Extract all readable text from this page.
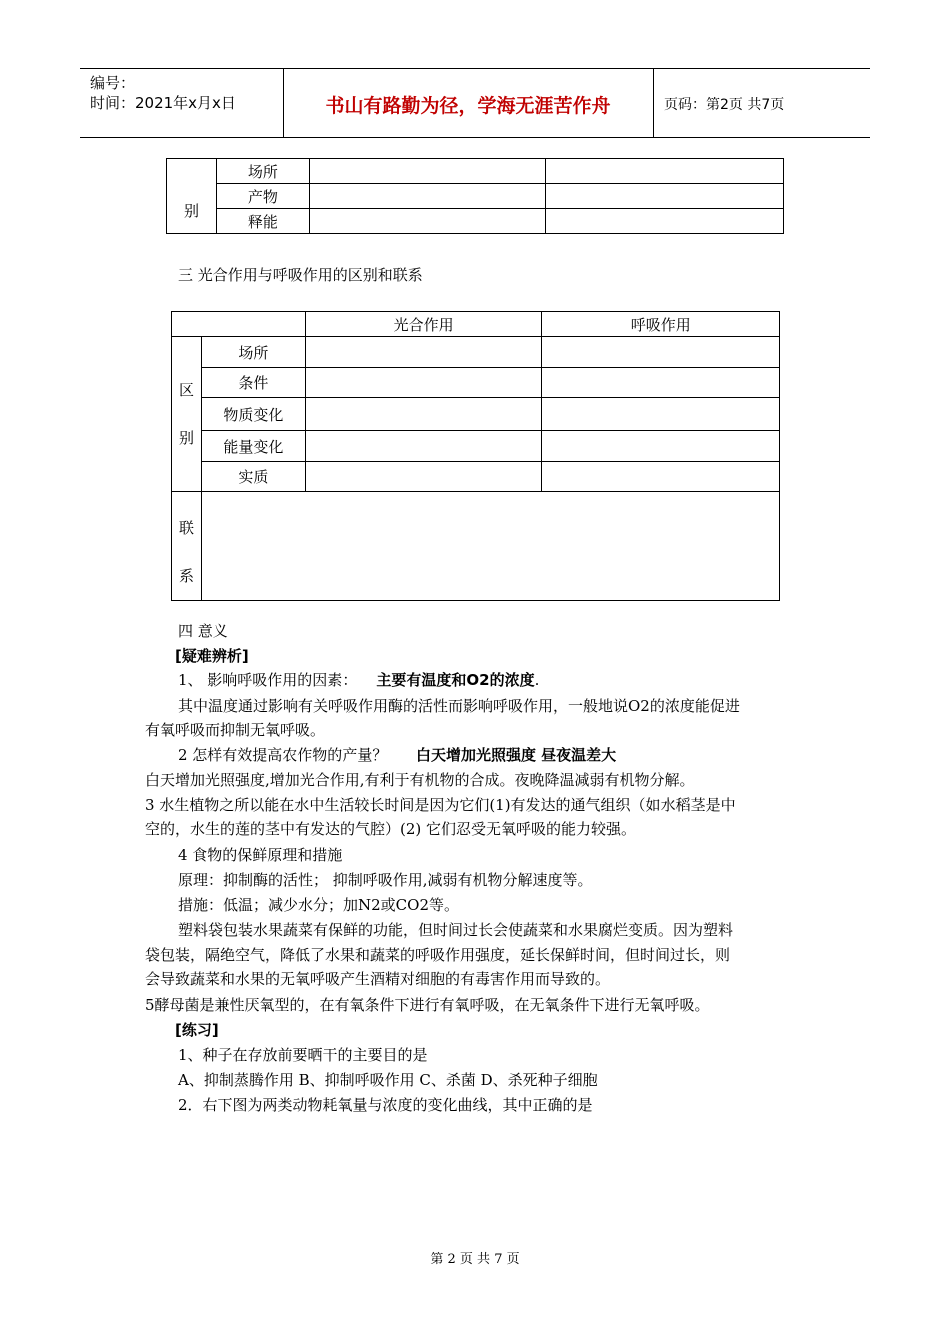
编号：
时间：2021年x月x日	书山有路勤为径，学海无涯苦作舟	页码：第2页 共7页
别	场所		
	产物		
	释能		
三 光合作用与呼吸作用的区别和联系
		光合作用	呼吸作用

区
别	场所		
	条件		
	物质变化		
	能量变化		
	实质		

联
系			

四 意义
[疑难辨析]
1、 影响呼吸作用的因素： 主要有温度和O2的浓度.
其中温度通过影响有关呼吸作用酶的活性而影响呼吸作用，一般地说O2的浓度能促进
有氧呼吸而抑制无氧呼吸。
2 怎样有效提高农作物的产量？ 白天增加光照强度 昼夜温差大
白天增加光照强度,增加光合作用,有利于有机物的合成。夜晚降温减弱有机物分解。
3 水生植物之所以能在水中生活较长时间是因为它们(1)有发达的通气组织（如水稻茎是中
空的，水生的莲的茎中有发达的气腔）(2) 它们忍受无氧呼吸的能力较强。
4 食物的保鲜原理和措施
原理：抑制酶的活性； 抑制呼吸作用,减弱有机物分解速度等。
措施：低温；减少水分；加N2或CO2等。
塑料袋包装水果蔬菜有保鲜的功能，但时间过长会使蔬菜和水果腐烂变质。因为塑料
袋包装，隔绝空气，降低了水果和蔬菜的呼吸作用强度，延长保鲜时间，但时间过长，则
会导致蔬菜和水果的无氧呼吸产生酒精对细胞的有毒害作用而导致的。
5酵母菌是兼性厌氧型的，在有氧条件下进行有氧呼吸，在无氧条件下进行无氧呼吸。
[练习]
1、种子在存放前要晒干的主要目的是
A、抑制蒸腾作用 B、抑制呼吸作用 C、杀菌 D、杀死种子细胞
2．右下图为两类动物耗氧量与浓度的变化曲线，其中正确的是
第 2 页 共 7 页
